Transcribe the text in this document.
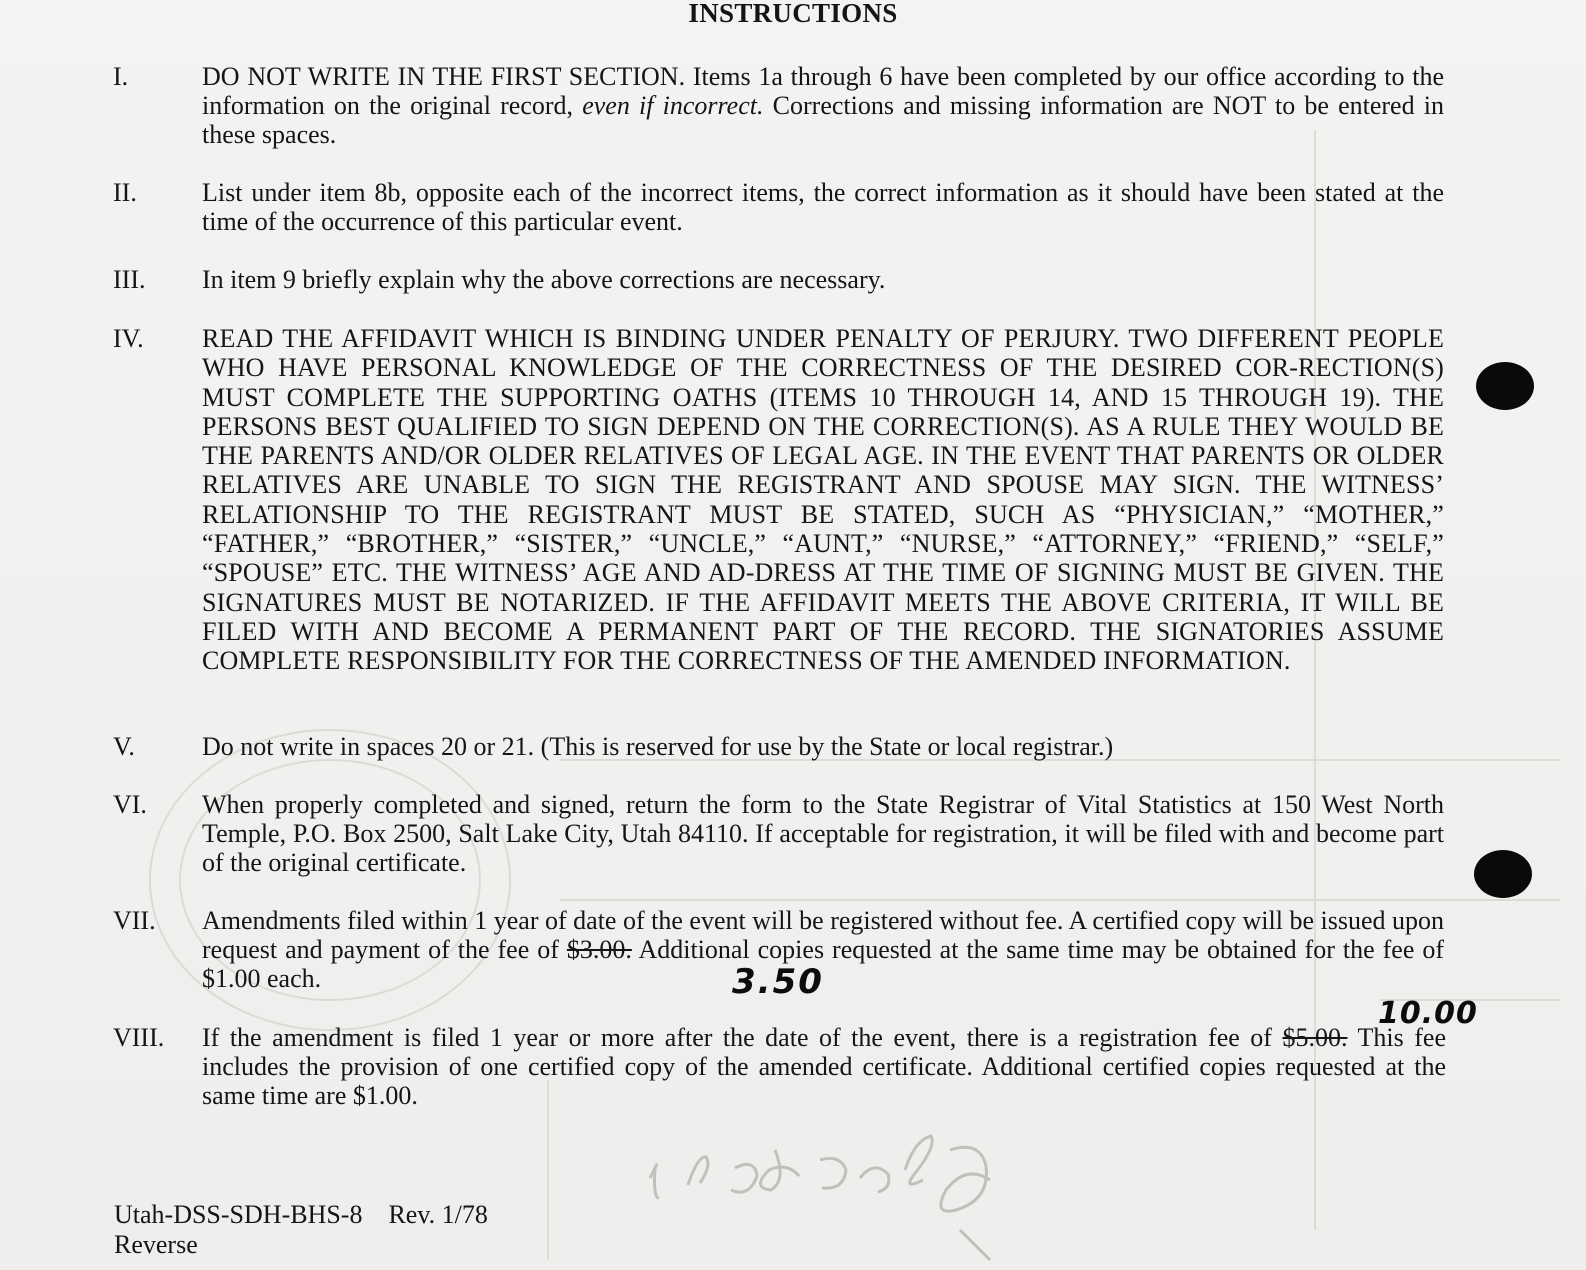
INSTRUCTIONS
I.	DO NOT WRITE IN THE FIRST SECTION. Items 1a through 6 have been completed by our office according to the information on the original record, even if incorrect. Corrections and missing information are NOT to be entered in these spaces.
II.	List under item 8b, opposite each of the incorrect items, the correct information as it should have been stated at the time of the occurrence of this particular event.
III. In item 9 briefly explain why the above corrections are necessary.
IV. READ THE AFFIDAVIT WHICH IS BINDING UNDER PENALTY OF PERJURY. TWO DIFFERENT PEOPLE WHO HAVE PERSONAL KNOWLEDGE OF THE CORRECTNESS OF THE DESIRED COR-RECTION(S) MUST COMPLETE THE SUPPORTING OATHS (ITEMS 10 THROUGH 14, AND 15 THROUGH 19). THE PERSONS BEST QUALIFIED TO SIGN DEPEND ON THE CORRECTION(S). AS A RULE THEY WOULD BE THE PARENTS AND/OR OLDER RELATIVES OF LEGAL AGE. IN THE EVENT THAT PARENTS OR OLDER RELATIVES ARE UNABLE TO SIGN THE REGISTRANT AND SPOUSE MAY SIGN. THE WITNESS’ RELATIONSHIP TO THE REGISTRANT MUST BE STATED, SUCH AS “PHYSICIAN,” “MOTHER,” “FATHER,” “BROTHER,” “SISTER,” “UNCLE,” “AUNT,” “NURSE,” “ATTORNEY,” “FRIEND,” “SELF,” “SPOUSE” ETC. THE WITNESS’ AGE AND AD-DRESS AT THE TIME OF SIGNING MUST BE GIVEN. THE SIGNATURES MUST BE NOTARIZED. IF THE AFFIDAVIT MEETS THE ABOVE CRITERIA, IT WILL BE FILED WITH AND BECOME A PERMANENT PART OF THE RECORD. THE SIGNATORIES ASSUME COMPLETE RESPONSIBILITY FOR THE CORRECTNESS OF THE AMENDED INFORMATION.
V.	Do not write in spaces 20 or 21. (This is reserved for use by the State or local registrar.)
VI. When properly completed and signed, return the form to the State Registrar of Vital Statistics at 150 West North Temple, P.O. Box 2500, Salt Lake City, Utah 84110. If acceptable for registration, it will be filed with and become part of the original certificate.
VII. Amendments filed within 1 year of date of the event will be registered without fee. A certified copy will be issued upon request and payment of the fee of $3.00. Additional copies requested at the same time may be obtained for the fee of $1.00 each.	3.50
VIII. If the amendment is filed 1 year or more after the date of the event, there is a registration fee of $5.00. This fee includes the provision of one certified copy of the amended certificate. Additional certified copies requested at the same time are $1.00.
10.00
Utah-DSS-SDH-BHS-8    Rev. 1/78
Reverse
